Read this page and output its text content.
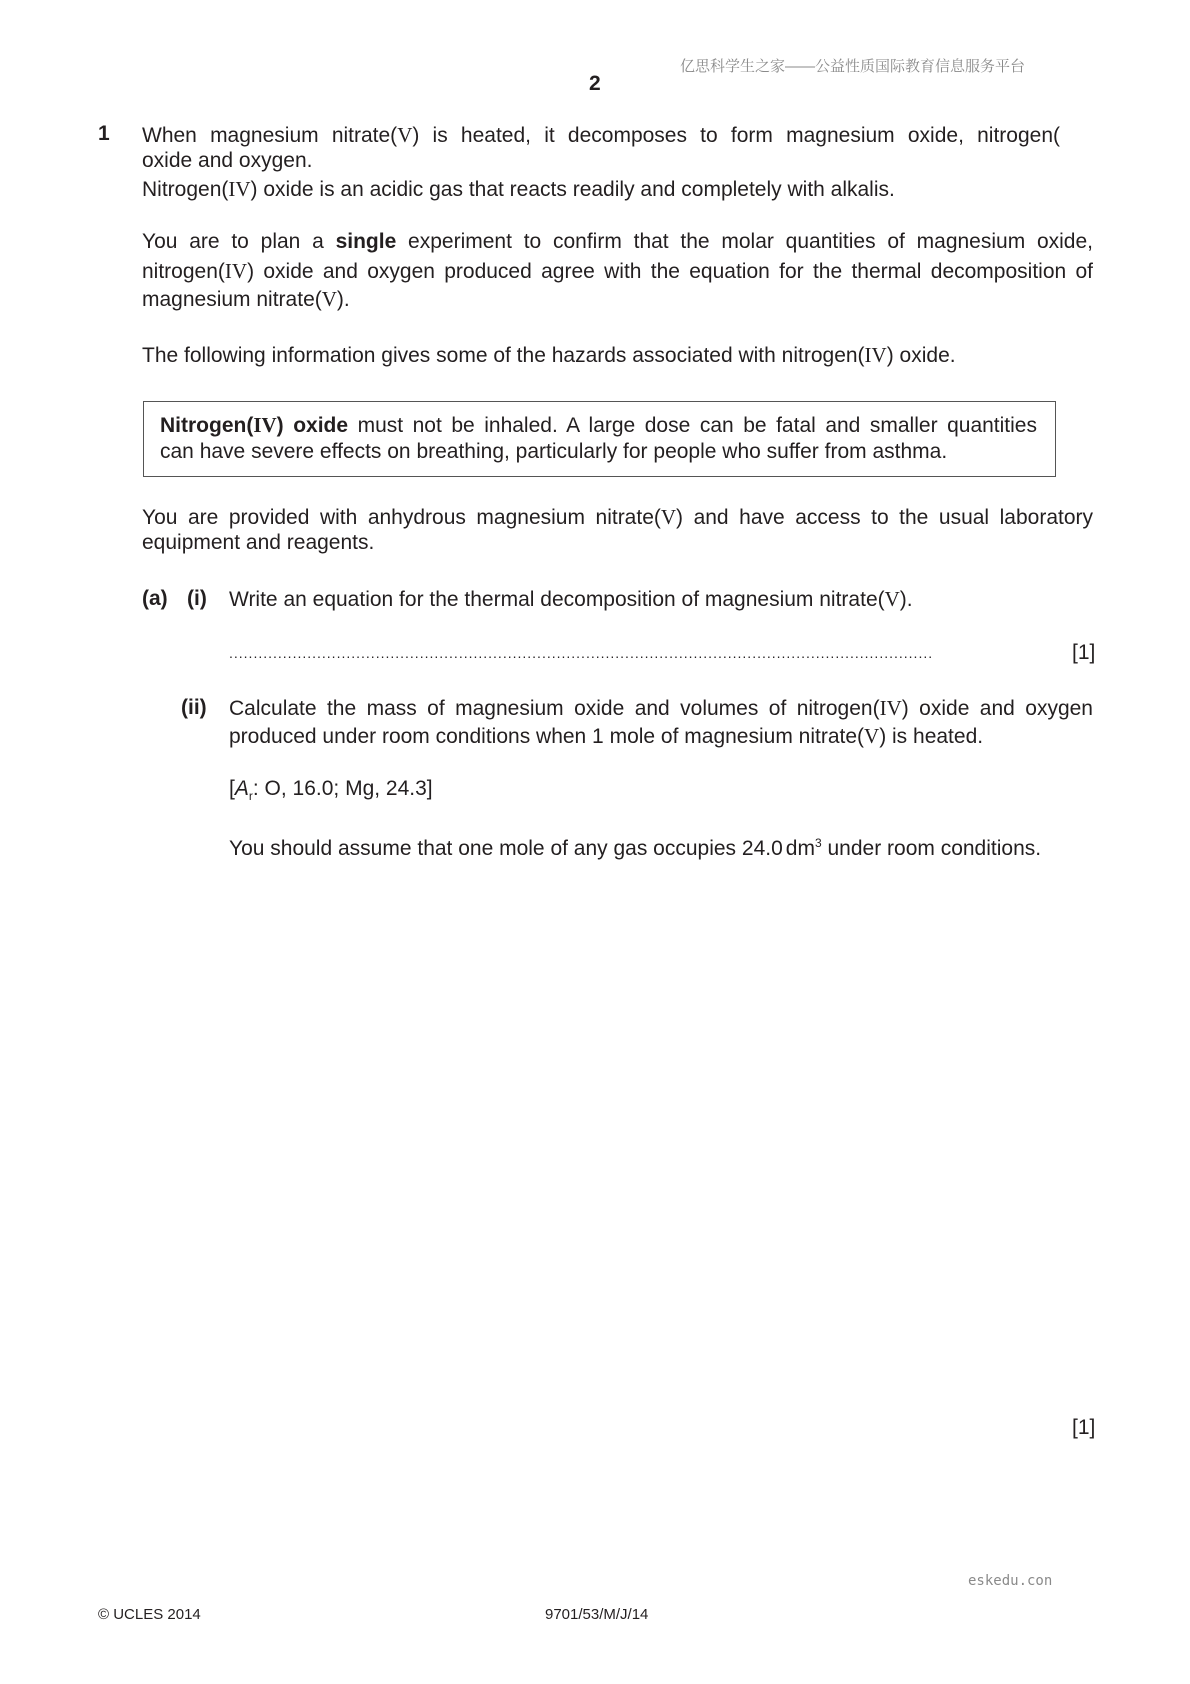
亿思科学生之家——公益性质国际教育信息服务平台
eskedu.con
2
1 When magnesium nitrate(V) is heated, it decomposes to form magnesium oxide, nitrogen(
oxide and oxygen.
Nitrogen(IV) oxide is an acidic gas that reacts readily and completely with alkalis.
You are to plan a single experiment to confirm that the molar quantities of magnesium oxide,
nitrogen(IV) oxide and oxygen produced agree with the equation for the thermal decomposition of
magnesium nitrate(V).
The following information gives some of the hazards associated with nitrogen(IV) oxide.
Nitrogen(IV) oxide must not be inhaled. A large dose can be fatal and smaller quantities
can have severe effects on breathing, particularly for people who suffer from asthma.
You are provided with anhydrous magnesium nitrate(V) and have access to the usual laboratory
equipment and reagents.
(a) (i) Write an equation for the thermal decomposition of magnesium nitrate(V).
................................................................................................................................................	[1]
(ii) Calculate the mass of magnesium oxide and volumes of nitrogen(IV) oxide and oxygen
produced under room conditions when 1 mole of magnesium nitrate(V) is heated.
[$A_r$: O, 16.0; Mg, 24.3]
You should assume that one mole of any gas occupies 24.0 $dm^3$ under room conditions.
[1]
© UCLES 2014	9701/53/M/J/14
